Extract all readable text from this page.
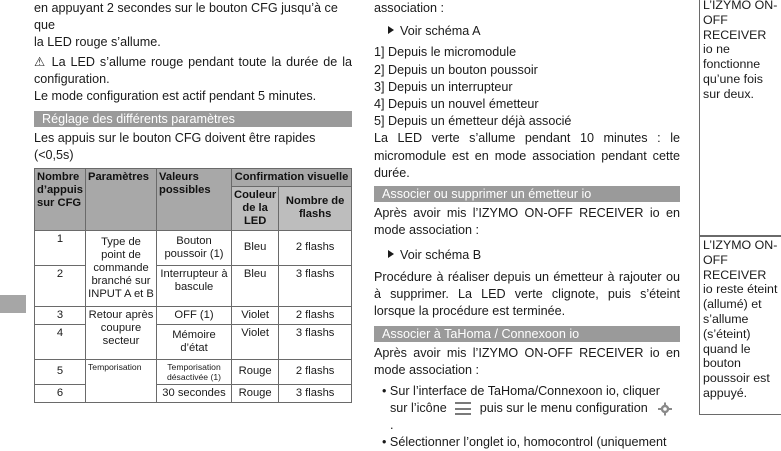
en appuyant 2 secondes sur le bouton CFG jusqu’à ce que

la LED rouge s’allume.

⚠ La LED s’allume rouge pendant toute la durée de la configuration.

Le mode configuration est actif pendant 5 minutes.

Réglage des différents paramètres

Les appuis sur le bouton CFG doivent être rapides (<0,5s)

Nombre d’appuis sur CFG	Paramètres	Valeurs possibles	Confirmation visuelle	
			Couleur de la LED	Nombre de flashs
1	Type de point de commande branché sur INPUT A et B	Bouton poussoir (1)	Bleu	2 flashs
2		Interrupteur à bascule	Bleu	3 flashs
3	Retour après coupure secteur	OFF (1)	Violet	2 flashs
4		Mémoire d’état	Violet	3 flashs
5	Temporisation	Temporisation désactivée (1)	Rouge	2 flashs
6		30 secondes	Rouge	3 flashs

association :

Voir schéma A

1] Depuis le micromodule

2] Depuis un bouton poussoir

3] Depuis un interrupteur

4] Depuis un nouvel émetteur

5] Depuis un émetteur déjà associé

La LED verte s’allume pendant 10 minutes : le micromodule est en mode association pendant cette durée.

Associer ou supprimer un émetteur io

Après avoir mis l’IZYMO ON-OFF RECEIVER io en mode association :

Voir schéma B

Procédure à réaliser depuis un émetteur à rajouter ou à supprimer. La LED verte clignote, puis s’éteint lorsque la procédure est terminée.

Associer à TaHoma / Connexoon io

Après avoir mis l’IZYMO ON-OFF RECEIVER io en mode association :

• Sur l’interface de TaHoma/Connexoon io, cliquer sur l’icône	puis sur le menu configuration .

• Sélectionner l’onglet io, homocontrol (uniquement

L’IZYMO ON-OFF RECEIVER io ne fonctionne qu’une fois sur deux.
L’IZYMO ON-OFF RECEIVER io reste éteint (allumé) et s’allume (s’éteint) quand le bouton poussoir est appuyé.
